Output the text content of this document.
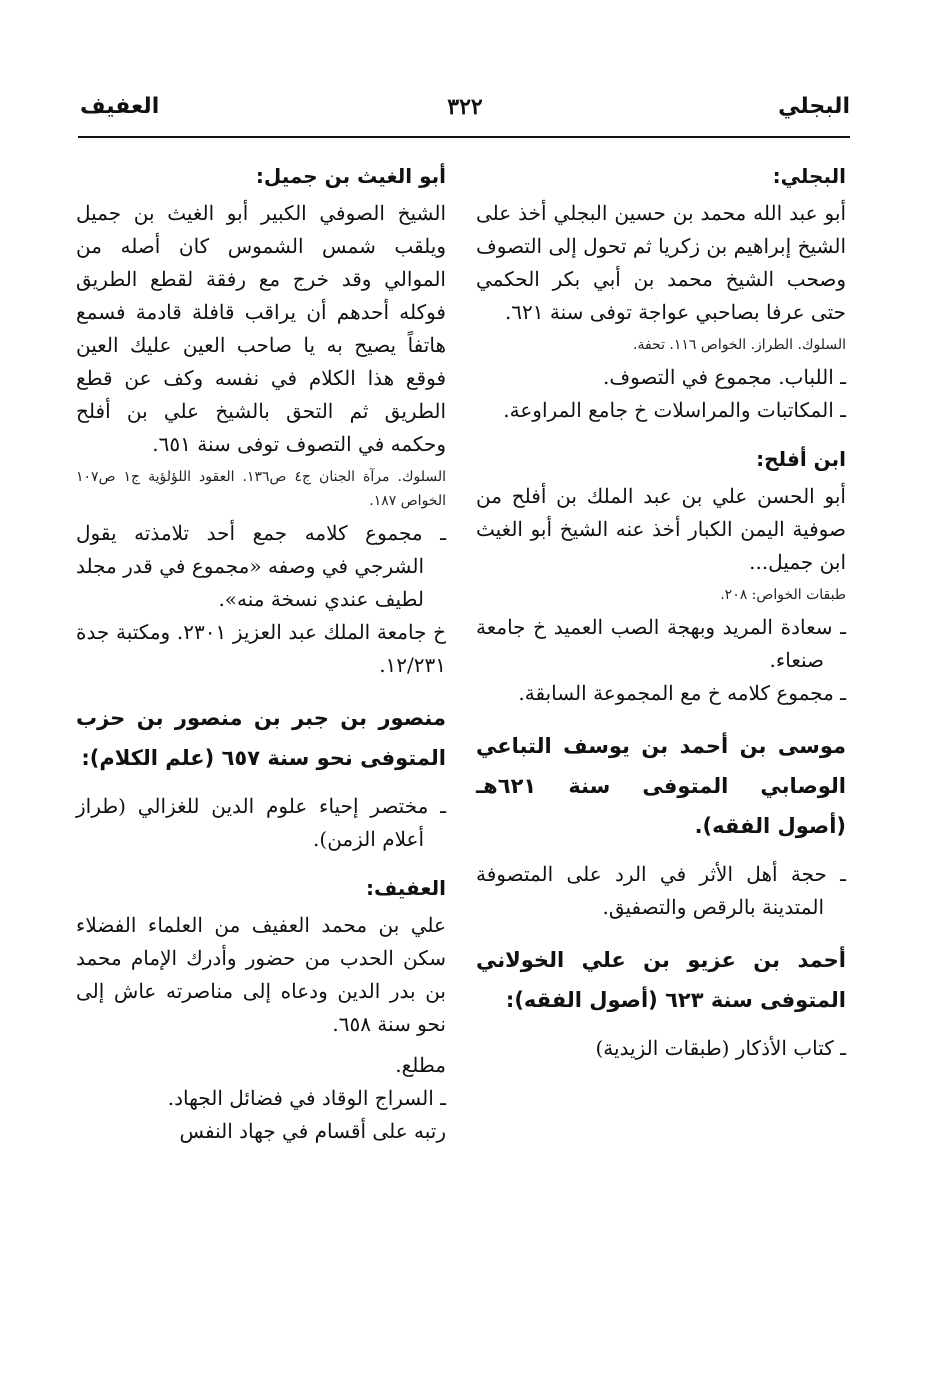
البجلي
٣٢٢
العفيف
البجلي:

أبو عبد الله محمد بن حسين البجلي أخذ على الشيخ إبراهيم بن زكريا ثم تحول إلى التصوف وصحب الشيخ محمد بن أبي بكر الحكمي حتى عرفا بصاحبي عواجة توفى سنة ٦٢١.

السلوك. الطراز. الخواص ١١٦. تحفة.

ـ اللباب. مجموع في التصوف.

ـ المكاتبات والمراسلات خ جامع المراوعة.

ابن أفلح:

أبو الحسن علي بن عبد الملك بن أفلح من صوفية اليمن الكبار أخذ عنه الشيخ أبو الغيث ابن جميل...

طبقات الخواص: ٢٠٨.

ـ سعادة المريد وبهجة الصب العميد خ جامعة صنعاء.

ـ مجموع كلامه خ مع المجموعة السابقة.

موسى بن أحمد بن يوسف التباعي الوصابي المتوفى سنة ٦٢١هـ (أصول الفقه).

ـ حجة أهل الأثر في الرد على المتصوفة المتدينة بالرقص والتصفيق.

أحمد بن عزيو بن علي الخولاني المتوفى سنة ٦٢٣ (أصول الفقه):

ـ كتاب الأذكار (طبقات الزيدية)

أبو الغيث بن جميل:

الشيخ الصوفي الكبير أبو الغيث بن جميل ويلقب شمس الشموس كان أصله من الموالي وقد خرج مع رفقة لقطع الطريق فوكله أحدهم أن يراقب قافلة قادمة فسمع هاتفاً يصيح به يا صاحب العين عليك العين فوقع هذا الكلام في نفسه وكف عن قطع الطريق ثم التحق بالشيخ علي بن أفلح وحكمه في التصوف توفى سنة ٦٥١.

السلوك. مرآة الجنان ج٤ ص١٣٦. العقود اللؤلؤية ج١ ص١٠٧ الخواص ١٨٧.

ـ مجموع كلامه جمع أحد تلامذته يقول الشرجي في وصفه «مجموع في قدر مجلد لطيف عندي نسخة منه».

خ جامعة الملك عبد العزيز ٢٣٠١. ومكتبة جدة ١٢/٢٣١.

منصور بن جبر بن منصور بن حزب المتوفى نحو سنة ٦٥٧ (علم الكلام):

ـ مختصر إحياء علوم الدين للغزالي (طراز أعلام الزمن).

العفيف:

علي بن محمد العفيف من العلماء الفضلاء سكن الحدب من حضور وأدرك الإمام محمد بن بدر الدين ودعاه إلى مناصرته عاش إلى نحو سنة ٦٥٨.

مطلع.

ـ السراج الوقاد في فضائل الجهاد.

رتبه على أقسام في جهاد النفس
